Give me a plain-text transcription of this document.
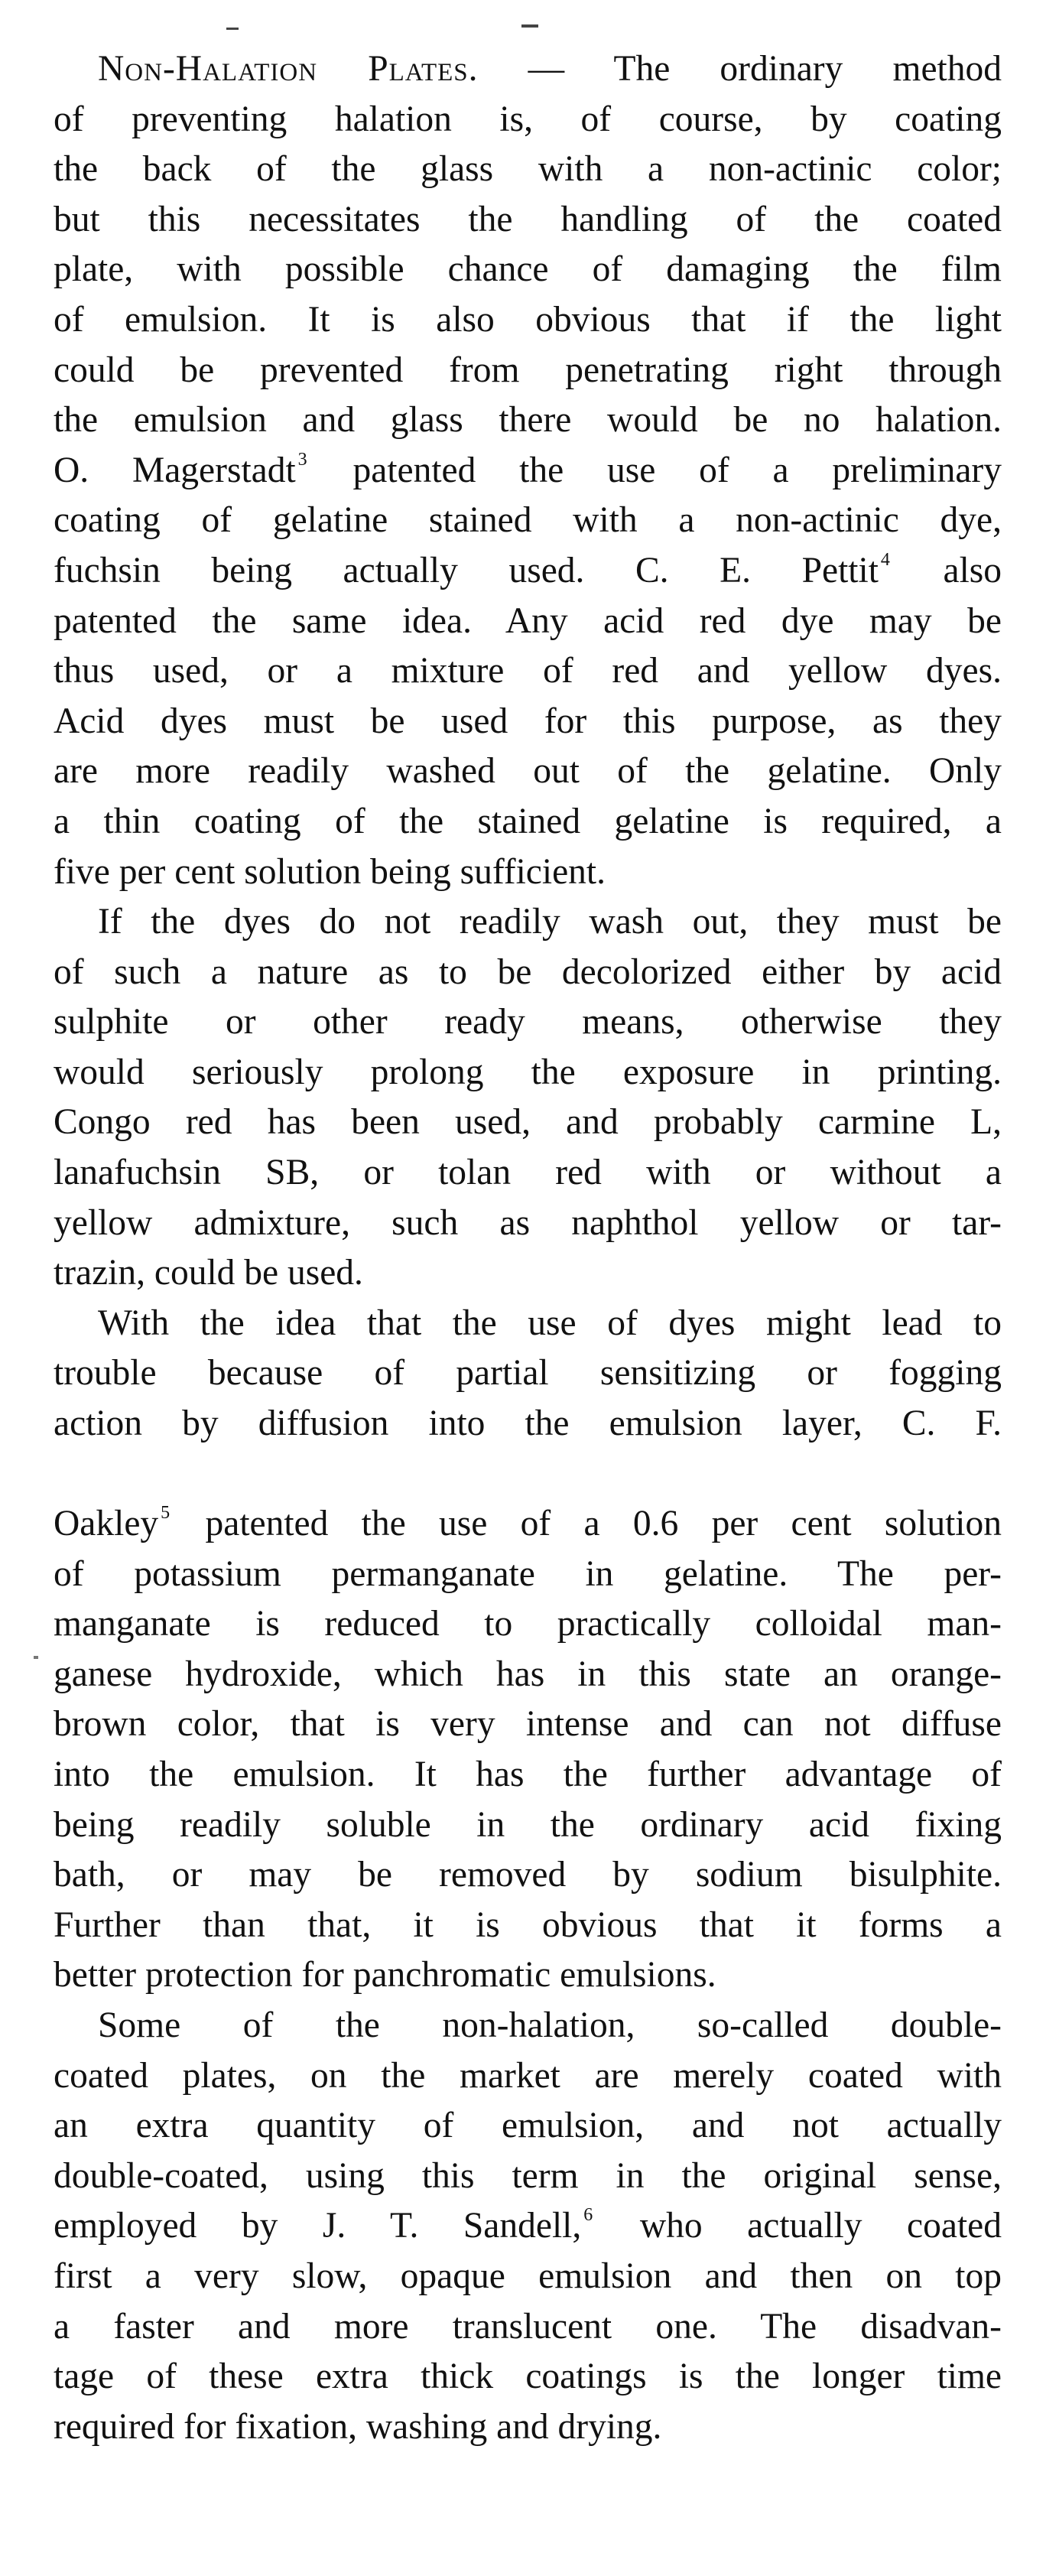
Non-Halation Plates. — The ordinary method
of preventing halation is, of course, by coating
the back of the glass with a non-actinic color;
but this necessitates the handling of the coated
plate, with possible chance of damaging the film
of emulsion. It is also obvious that if the light
could be prevented from penetrating right through
the emulsion and glass there would be no halation.
O. Magerstadt $^3$ patented the use of a preliminary
coating of gelatine stained with a non-actinic dye,
fuchsin being actually used. C. E. Pettit $^4$ also
patented the same idea. Any acid red dye may be
thus used, or a mixture of red and yellow dyes.
Acid dyes must be used for this purpose, as they
are more readily washed out of the gelatine. Only
a thin coating of the stained gelatine is required, a
five per cent solution being sufficient.

If the dyes do not readily wash out, they must be
of such a nature as to be decolorized either by acid
sulphite or other ready means, otherwise they
would seriously prolong the exposure in printing.
Congo red has been used, and probably carmine L,
lanafuchsin SB, or tolan red with or without a
yellow admixture, such as naphthol yellow or tar-
trazin, could be used.

With the idea that the use of dyes might lead to
trouble because of partial sensitizing or fogging
action by diffusion into the emulsion layer, C. F.

Oakley $^5$ patented the use of a 0.6 per cent solution
of potassium permanganate in gelatine. The per-
manganate is reduced to practically colloidal man-
ganese hydroxide, which has in this state an orange-
brown color, that is very intense and can not diffuse
into the emulsion. It has the further advantage of
being readily soluble in the ordinary acid fixing
bath, or may be removed by sodium bisulphite.
Further than that, it is obvious that it forms a
better protection for panchromatic emulsions.

Some of the non-halation, so-called double-
coated plates, on the market are merely coated with
an extra quantity of emulsion, and not actually
double-coated, using this term in the original sense,
employed by J. T. Sandell, $^6$ who actually coated
first a very slow, opaque emulsion and then on top
a faster and more translucent one. The disadvan-
tage of these extra thick coatings is the longer time
required for fixation, washing and drying.
